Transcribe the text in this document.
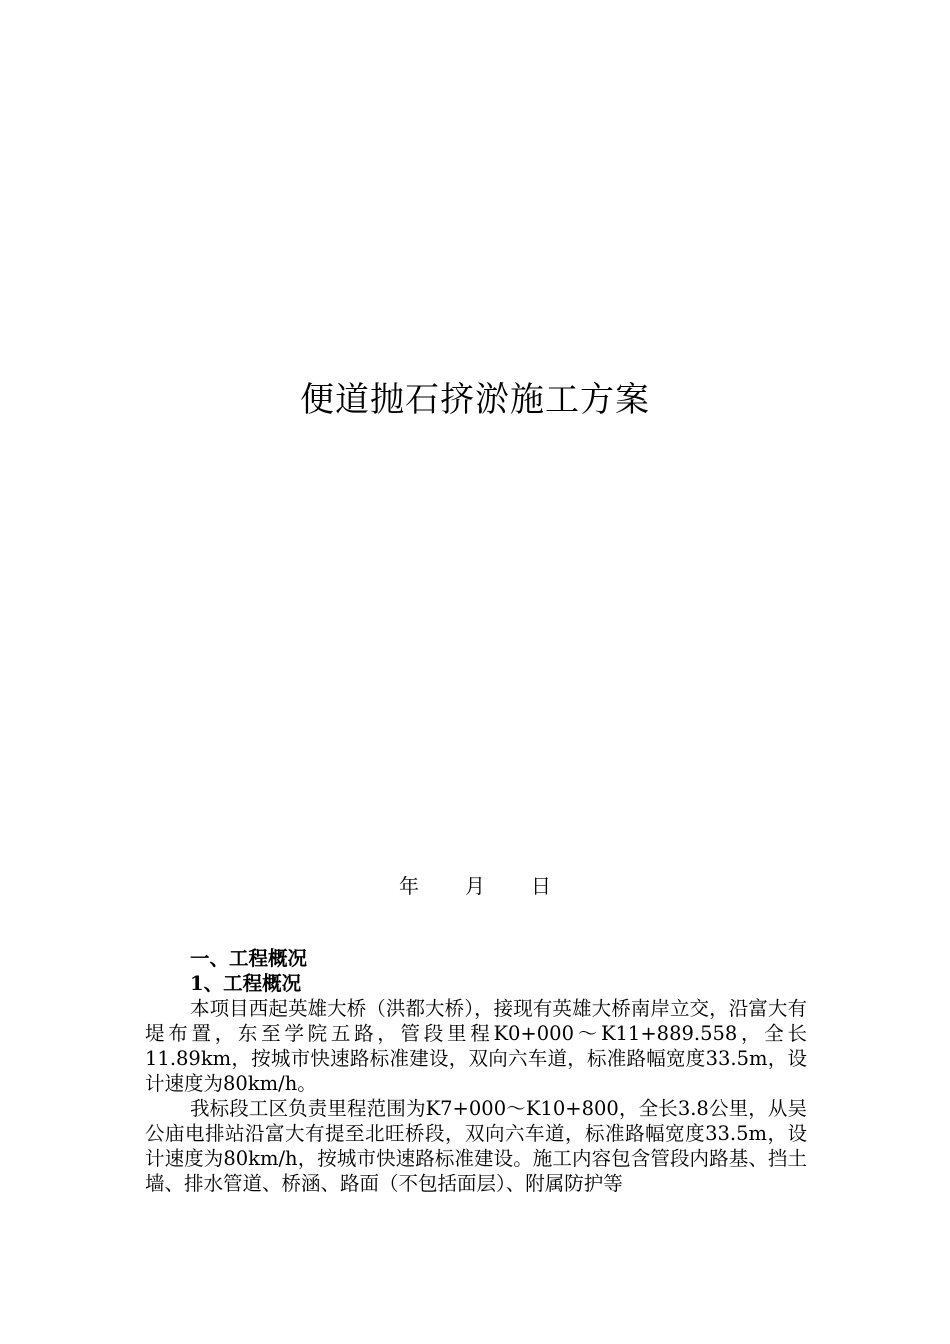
便道抛石挤淤施工方案
年 月 日
一、工程概况
1、工程概况

本项目西起英雄大桥（洪都大桥），接现有英雄大桥南岸立交，沿富大有堤布置，东至学院五路，管段里程K0+000～K11+889.558，全长11.89km，按城市快速路标准建设，双向六车道，标准路幅宽度33.5m，设计速度为80km/h。

我标段工区负责里程范围为K7+000～K10+800，全长3.8公里，从吴公庙电排站沿富大有提至北旺桥段，双向六车道，标准路幅宽度33.5m，设计速度为80km/h，按城市快速路标准建设。施工内容包含管段内路基、挡土墙、排水管道、桥涵、路面（不包括面层）、附属防护等
